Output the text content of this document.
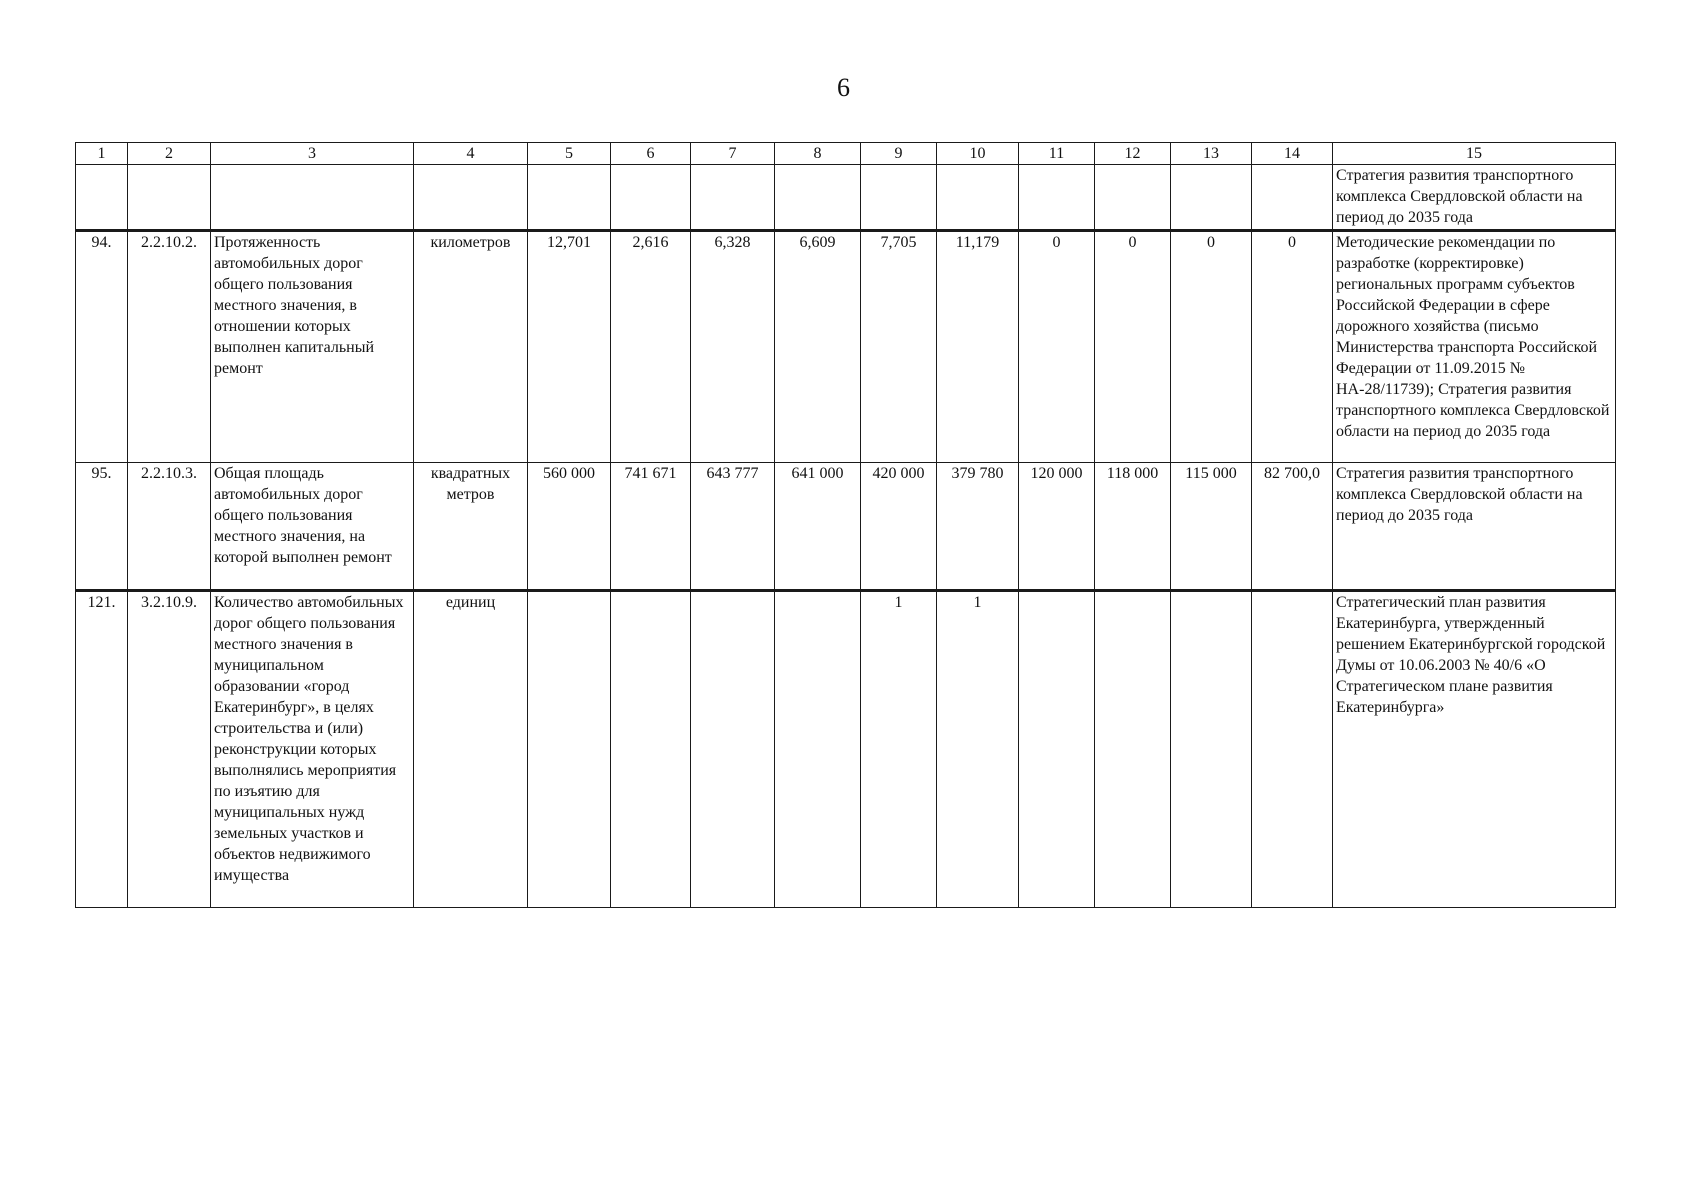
6
1	2	3	4	5	6	7	8	9	10	11	12	13	14	15
														Стратегия развития транспортного комплекса Свердловской области на период до 2035 года
94.	2.2.10.2.	Протяженность автомобильных дорог общего пользования местного значения, в отношении которых выполнен капитальный ремонт	километров	12,701	2,616	6,328	6,609	7,705	11,179	0	0	0	0	Методические рекомендации по разработке (корректировке) региональных программ субъектов Российской Федерации в сфере дорожного хозяйства (письмо Министерства транспорта Российской Федерации от 11.09.2015 № НА-28/11739); Стратегия развития транспортного комплекса Свердловской области на период до 2035 года
95.	2.2.10.3.	Общая площадь автомобильных дорог общего пользования местного значения, на которой выполнен ремонт	квадратных метров	560 000	741 671	643 777	641 000	420 000	379 780	120 000	118 000	115 000	82 700,0	Стратегия развития транспортного комплекса Свердловской области на период до 2035 года
121.	3.2.10.9.	Количество автомобильных дорог общего пользования местного значения в муниципальном образовании «город Екатеринбург», в целях строительства и (или) реконструкции которых выполнялись мероприятия по изъятию для муниципальных нужд земельных участков и объектов недвижимого имущества	единиц					1	1					Стратегический план развития Екатеринбурга, утвержденный решением Екатеринбургской городской Думы от 10.06.2003 № 40/6 «О Стратегическом плане развития Екатеринбурга»
